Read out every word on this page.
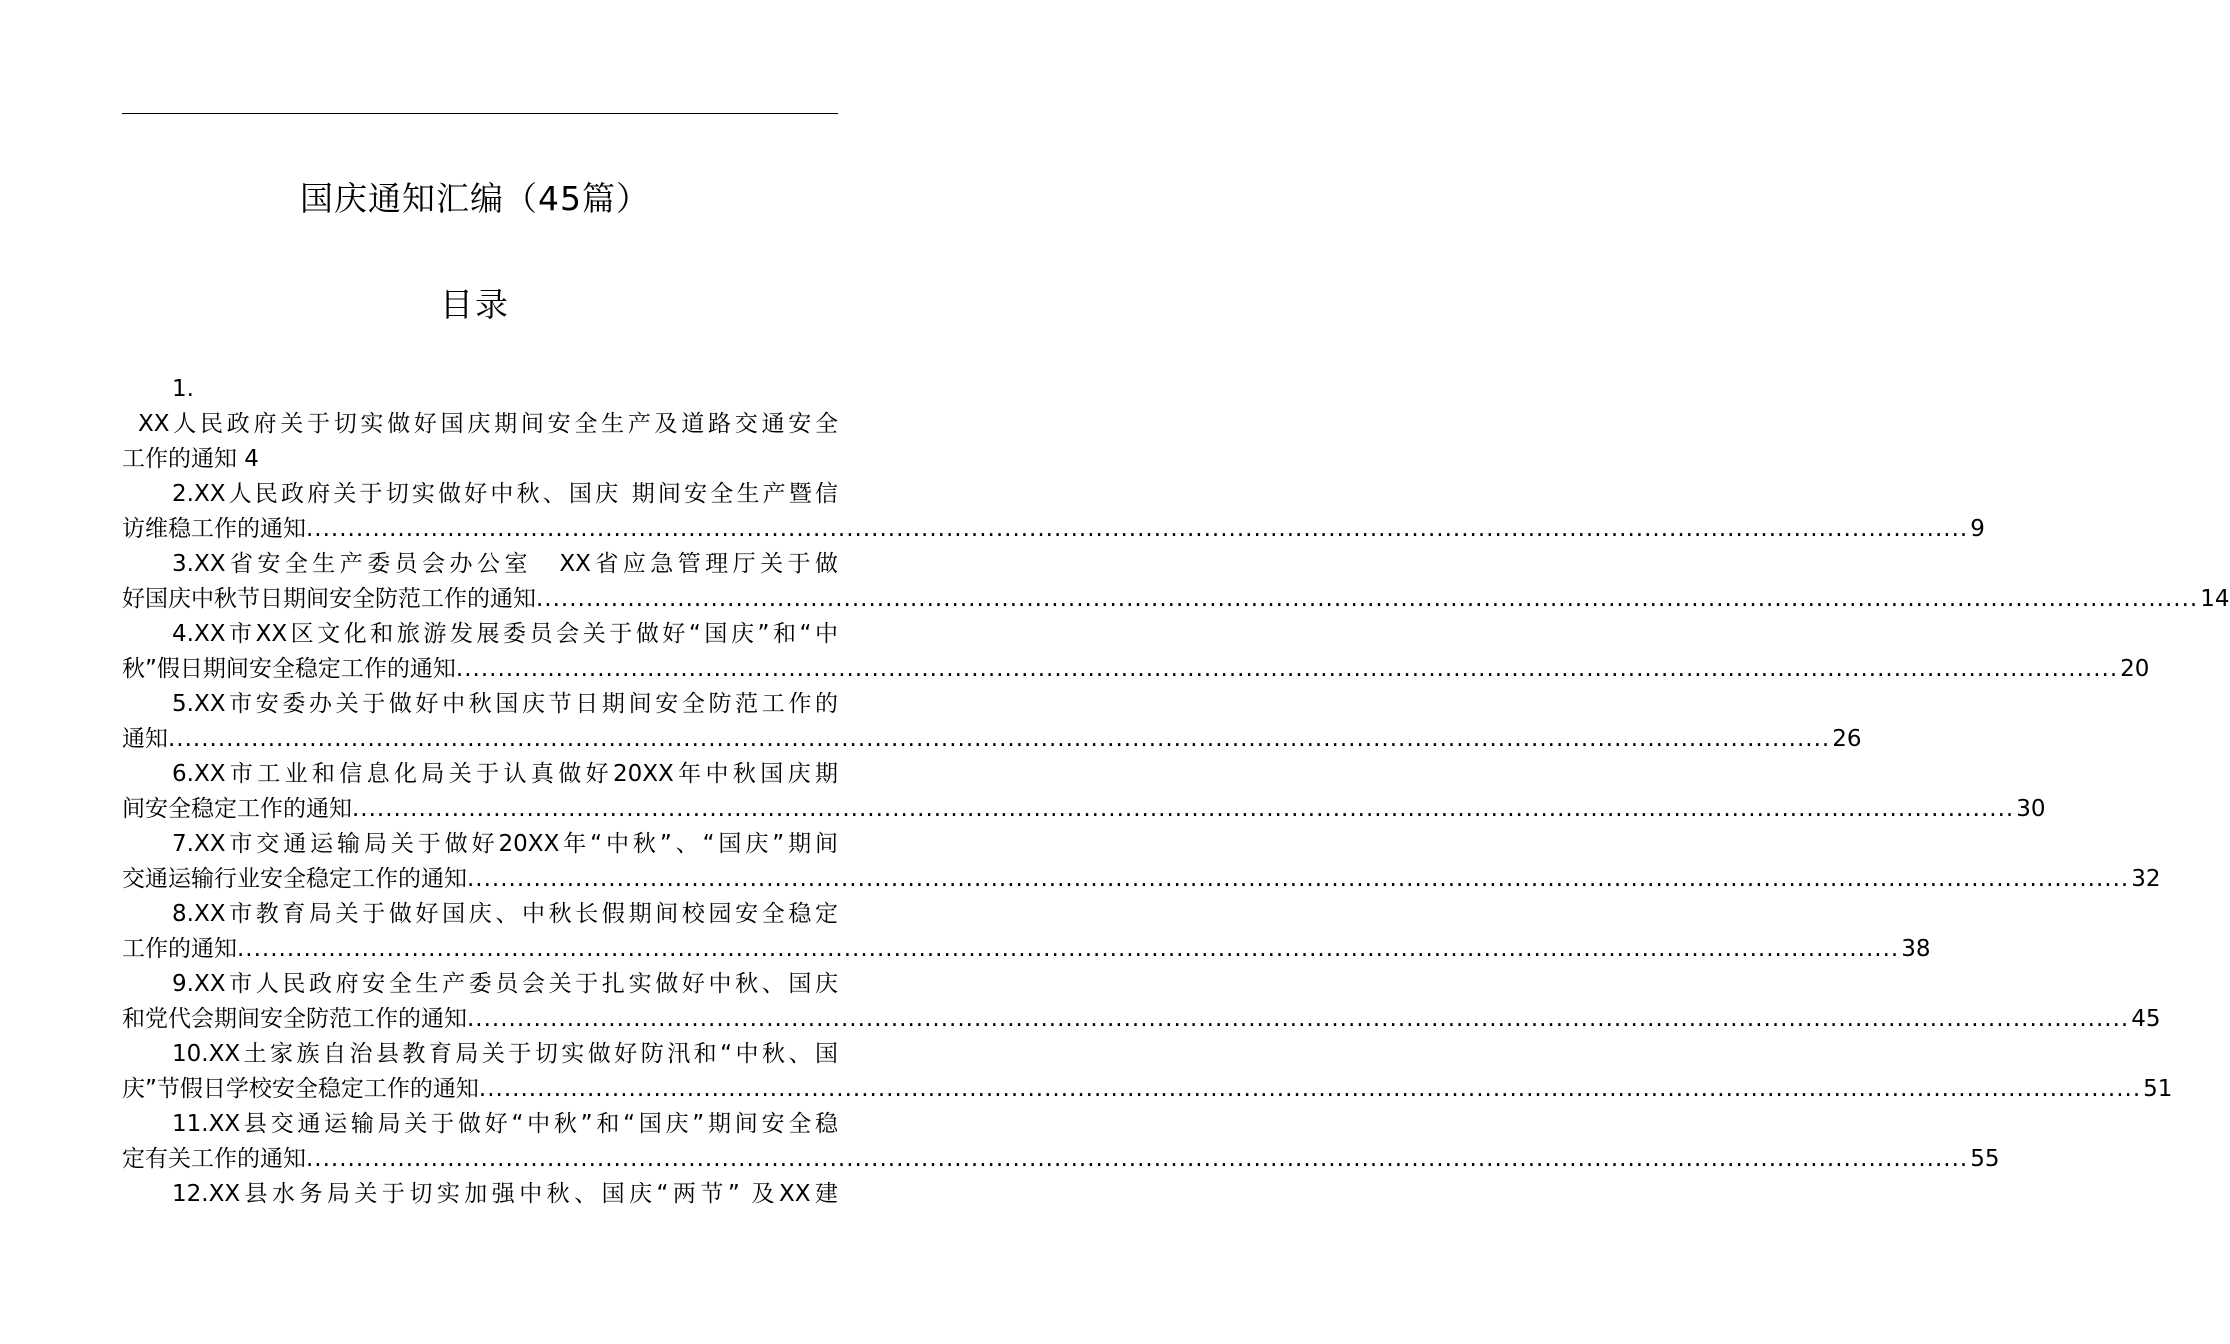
国庆通知汇编（45篇）
目录
1.
XX人民政府关于切实做好国庆期间安全生产及道路交通安全
工作的通知 4
2.XX人民政府关于切实做好中秋、国庆 期间安全生产暨信
访维稳工作的通知 ........................................................................................................................................................................................................ 9
3.XX省安全生产委员会办公室　XX省应急管理厅关于做
好国庆中秋节日期间安全防范工作的通知 ........................................................................................................................................................................................................ 14
4.XX市XX区文化和旅游发展委员会关于做好“国庆”和“中
秋”假日期间安全稳定工作的通知 ........................................................................................................................................................................................................ 20
5.XX市安委办关于做好中秋国庆节日期间安全防范工作的
通知 ........................................................................................................................................................................................................ 26
6.XX市工业和信息化局关于认真做好20XX年中秋国庆期
间安全稳定工作的通知 ........................................................................................................................................................................................................ 30
7.XX市交通运输局关于做好20XX年“中秋”、“国庆”期间
交通运输行业安全稳定工作的通知 ........................................................................................................................................................................................................ 32
8.XX市教育局关于做好国庆、中秋长假期间校园安全稳定
工作的通知 ........................................................................................................................................................................................................ 38
9.XX市人民政府安全生产委员会关于扎实做好中秋、国庆
和党代会期间安全防范工作的通知 ........................................................................................................................................................................................................ 45
10.XX土家族自治县教育局关于切实做好防汛和“中秋、国
庆”节假日学校安全稳定工作的通知 ........................................................................................................................................................................................................ 51
11.XX县交通运输局关于做好“中秋”和“国庆”期间安全稳
定有关工作的通知 ........................................................................................................................................................................................................ 55
12.XX县水务局关于切实加强中秋、国庆“两节” 及XX建
